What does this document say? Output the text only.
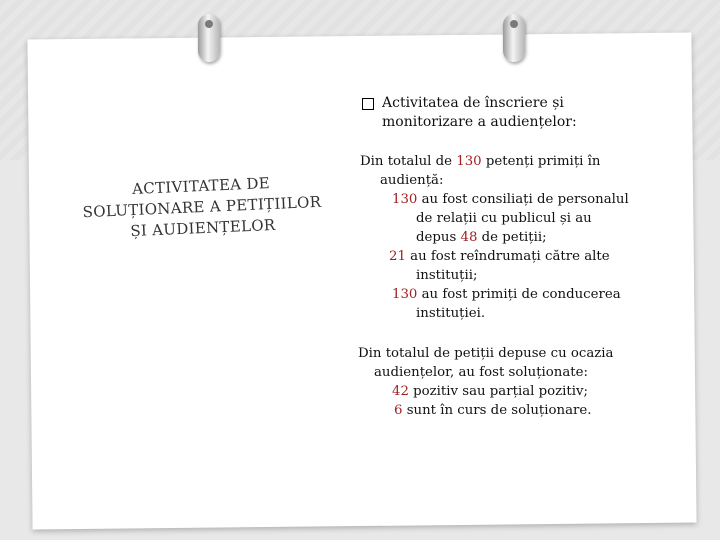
ACTIVITATEA DE
SOLUȚIONARE A PETIȚIILOR
ȘI AUDIENȚELOR
Activitatea de înscriere și
monitorizare a audiențelor:
Din totalul de 130 petenți primiți în
audiență:
130 au fost consiliați de personalul
de relații cu publicul și au
depus 48 de petiții;
21 au fost reîndrumați către alte
instituții;
130 au fost primiți de conducerea
instituției.
Din totalul de petiții depuse cu ocazia
audiențelor, au fost soluționate:
42 pozitiv sau parțial pozitiv;
6 sunt în curs de soluționare.
